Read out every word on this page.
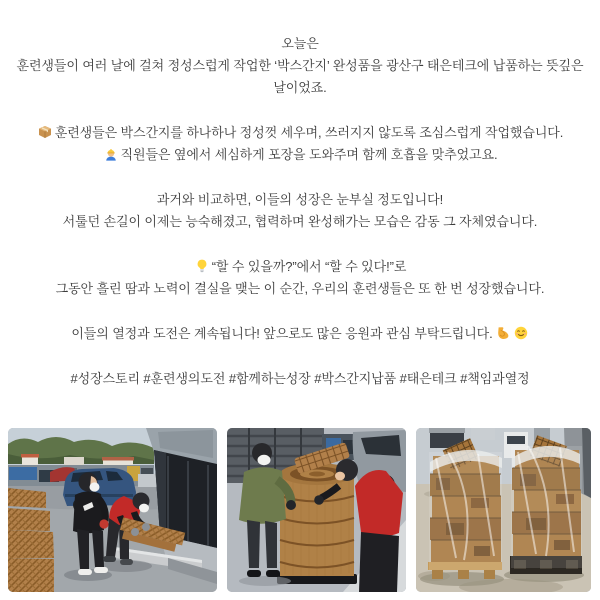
오늘은

훈련생들이 여러 날에 걸쳐 정성스럽게 작업한 ‘박스간지’ 완성품을 광산구 태은테크에 납품하는 뜻깊은 날이었죠.

훈련생들은 박스간지를 하나하나 정성껏 세우며, 쓰러지지 않도록 조심스럽게 작업했습니다.

직원들은 옆에서 세심하게 포장을 도와주며 함께 호흡을 맞추었고요.

과거와 비교하면, 이들의 성장은 눈부실 정도입니다!

서툴던 손길이 이제는 능숙해졌고, 협력하며 완성해가는 모습은 감동 그 자체였습니다.

“할 수 있을까?”에서 “할 수 있다!”로

그동안 흘린 땀과 노력이 결실을 맺는 이 순간, 우리의 훈련생들은 또 한 번 성장했습니다.

이들의 열정과 도전은 계속됩니다! 앞으로도 많은 응원과 관심 부탁드립니다.

#성장스토리 #훈련생의도전 #함께하는성장 #박스간지납품 #태은테크 #책임과열정
